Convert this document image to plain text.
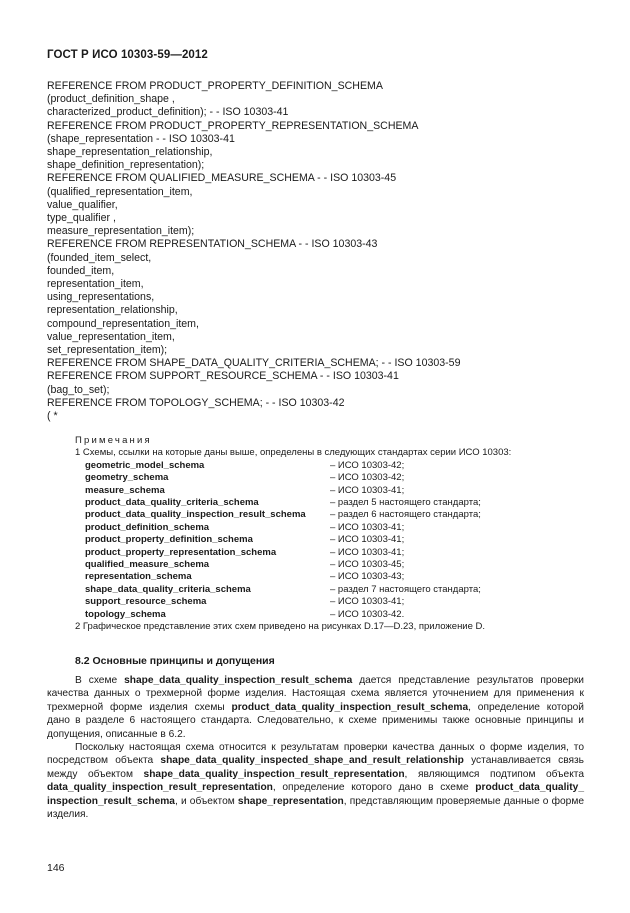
ГОСТ Р ИСО 10303-59—2012
REFERENCE FROM PRODUCT_PROPERTY_DEFINITION_SCHEMA
(product_definition_shape ,
characterized_product_definition); - - ISO 10303-41
REFERENCE FROM PRODUCT_PROPERTY_REPRESENTATION_SCHEMA
(shape_representation - - ISO 10303-41
shape_representation_relationship,
shape_definition_representation);
REFERENCE FROM QUALIFIED_MEASURE_SCHEMA - - ISO 10303-45
(qualified_representation_item,
value_qualifier,
type_qualifier ,
measure_representation_item);
REFERENCE FROM REPRESENTATION_SCHEMA - - ISO 10303-43
(founded_item_select,
founded_item,
representation_item,
using_representations,
representation_relationship,
compound_representation_item,
value_representation_item,
set_representation_item);
REFERENCE FROM SHAPE_DATA_QUALITY_CRITERIA_SCHEMA; - - ISO 10303-59
REFERENCE FROM SUPPORT_RESOURCE_SCHEMA - - ISO 10303-41
(bag_to_set);
REFERENCE FROM TOPOLOGY_SCHEMA; - - ISO 10303-42
( *
Примечания
1 Схемы, ссылки на которые даны выше, определены в следующих стандартах серии ИСО 10303:
geometric_model_schema	– ИСО 10303-42;
geometry_schema	– ИСО 10303-42;
measure_schema	– ИСО 10303-41;
product_data_quality_criteria_schema	– раздел 5 настоящего стандарта;
product_data_quality_inspection_result_schema	– раздел 6 настоящего стандарта;
product_definition_schema	– ИСО 10303-41;
product_property_definition_schema	– ИСО 10303-41;
product_property_representation_schema	– ИСО 10303-41;
qualified_measure_schema	– ИСО 10303-45;
representation_schema	– ИСО 10303-43;
shape_data_quality_criteria_schema	– раздел 7 настоящего стандарта;
support_resource_schema	– ИСО 10303-41;
topology_schema	– ИСО 10303-42.
2 Графическое представление этих схем приведено на рисунках D.17—D.23, приложение D.
8.2 Основные принципы и допущения

В схеме shape_data_quality_inspection_result_schema дается представление результатов проверки качества данных о трехмерной форме изделия. Настоящая схема является уточнением для применения к трехмерной форме изделия схемы product_data_quality_inspection_result_schema, определение которой дано в разделе 6 настоящего стандарта. Следовательно, к схеме применимы также основные принципы и допущения, описанные в 6.2.

Поскольку настоящая схема относится к результатам проверки качества данных о форме изделия, то посредством объекта shape_data_quality_inspected_shape_and_result_relationship устанавливается связь между объектом shape_data_quality_inspection_result_representation, являющимся подтипом объекта data_quality_inspection_result_representation, определение которого дано в схеме product_data_quality_ inspection_result_schema, и объектом shape_representation, представляющим проверяемые данные о форме изделия.

146
